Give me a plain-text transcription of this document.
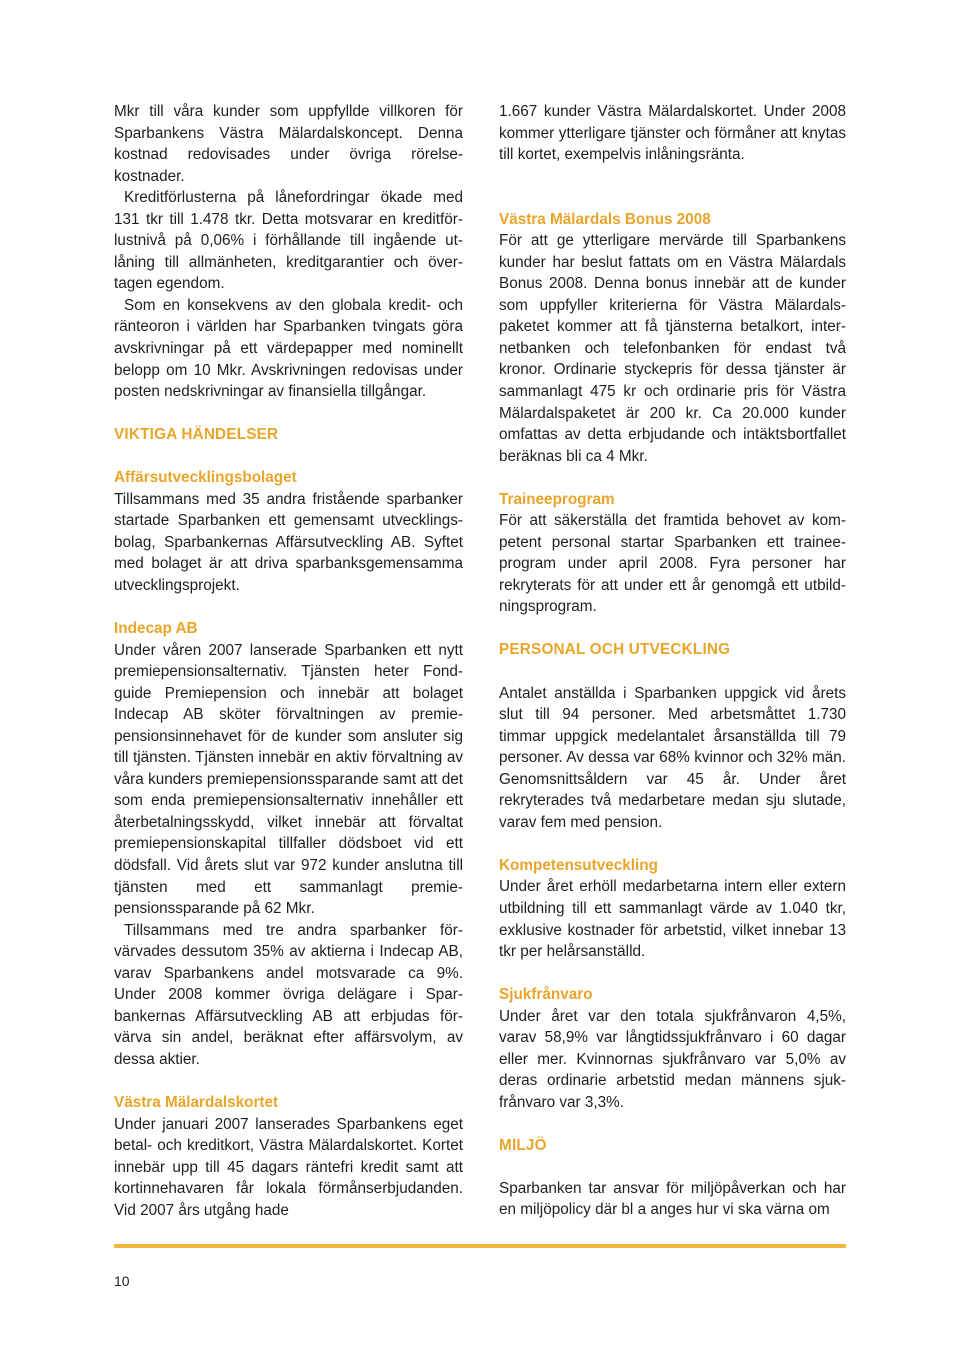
Mkr till våra kunder som uppfyllde villkoren för Sparbankens Västra Mälardalskoncept. Denna kostnad redovisades under övriga rörelsekostnader.

Kreditförlusterna på lånefordringar ökade med 131 tkr till 1.478 tkr. Detta motsvarar en kreditförlustnivå på 0,06% i förhållande till ingående utlåning till allmänheten, kreditgarantier och övertagen egendom.

Som en konsekvens av den globala kredit- och ränteoron i världen har Sparbanken tvingats göra avskrivningar på ett värdepapper med nominellt belopp om 10 Mkr. Avskrivningen redovisas under posten nedskrivningar av finansiella tillgångar.

VIKTIGA HÄNDELSER
Affärsutvecklingsbolaget

Tillsammans med 35 andra fristående sparbanker startade Sparbanken ett gemensamt utvecklingsbolag, Sparbankernas Affärsutveckling AB. Syftet med bolaget är att driva sparbanksgemensamma utvecklingsprojekt.

Indecap AB

Under våren 2007 lanserade Sparbanken ett nytt premiepensionsalternativ. Tjänsten heter Fondguide Premiepension och innebär att bolaget Indecap AB sköter förvaltningen av premiepensionsinnehavet för de kunder som ansluter sig till tjänsten. Tjänsten innebär en aktiv förvaltning av våra kunders premiepensionssparande samt att det som enda premiepensionsalternativ innehåller ett återbetalningsskydd, vilket innebär att förvaltat premiepensionskapital tillfaller dödsboet vid ett dödsfall. Vid årets slut var 972 kunder anslutna till tjänsten med ett sammanlagt premiepensionssparande på 62 Mkr.

Tillsammans med tre andra sparbanker förvärvades dessutom 35% av aktierna i Indecap AB, varav Sparbankens andel motsvarade ca 9%. Under 2008 kommer övriga delägare i Sparbankernas Affärsutveckling AB att erbjudas förvärva sin andel, beräknat efter affärsvolym, av dessa aktier.

Västra Mälardalskortet

Under januari 2007 lanserades Sparbankens eget betal- och kreditkort, Västra Mälardalskortet. Kortet innebär upp till 45 dagars räntefri kredit samt att kortinnehavaren får lokala förmånserbjudanden. Vid 2007 års utgång hade

1.667 kunder Västra Mälardalskortet. Under 2008 kommer ytterligare tjänster och förmåner att knytas till kortet, exempelvis inlåningsränta.

Västra Mälardals Bonus 2008

För att ge ytterligare mervärde till Sparbankens kunder har beslut fattats om en Västra Mälardals Bonus 2008. Denna bonus innebär att de kunder som uppfyller kriterierna för Västra Mälardalspaketet kommer att få tjänsterna betalkort, internetbanken och telefonbanken för endast två kronor. Ordinarie styckepris för dessa tjänster är sammanlagt 475 kr och ordinarie pris för Västra Mälardalspaketet är 200 kr. Ca 20.000 kunder omfattas av detta erbjudande och intäktsbortfallet beräknas bli ca 4 Mkr.

Traineeprogram

För att säkerställa det framtida behovet av kompetent personal startar Sparbanken ett traineeprogram under april 2008. Fyra personer har rekryterats för att under ett år genomgå ett utbildningsprogram.

PERSONAL OCH UTVECKLING

Antalet anställda i Sparbanken uppgick vid årets slut till 94 personer. Med arbetsmåttet 1.730 timmar uppgick medelantalet årsanställda till 79 personer. Av dessa var 68% kvinnor och 32% män. Genomsnittsåldern var 45 år. Under året rekryterades två medarbetare medan sju slutade, varav fem med pension.

Kompetensutveckling

Under året erhöll medarbetarna intern eller extern utbildning till ett sammanlagt värde av 1.040 tkr, exklusive kostnader för arbetstid, vilket innebar 13 tkr per helårsanställd.

Sjukfrånvaro

Under året var den totala sjukfrånvaron 4,5%, varav 58,9% var långtidssjukfrånvaro i 60 dagar eller mer. Kvinnornas sjukfrånvaro var 5,0% av deras ordinarie arbetstid medan männens sjukfrånvaro var 3,3%.

MILJÖ

Sparbanken tar ansvar för miljöpåverkan och har en miljöpolicy där bl a anges hur vi ska värna om

10
